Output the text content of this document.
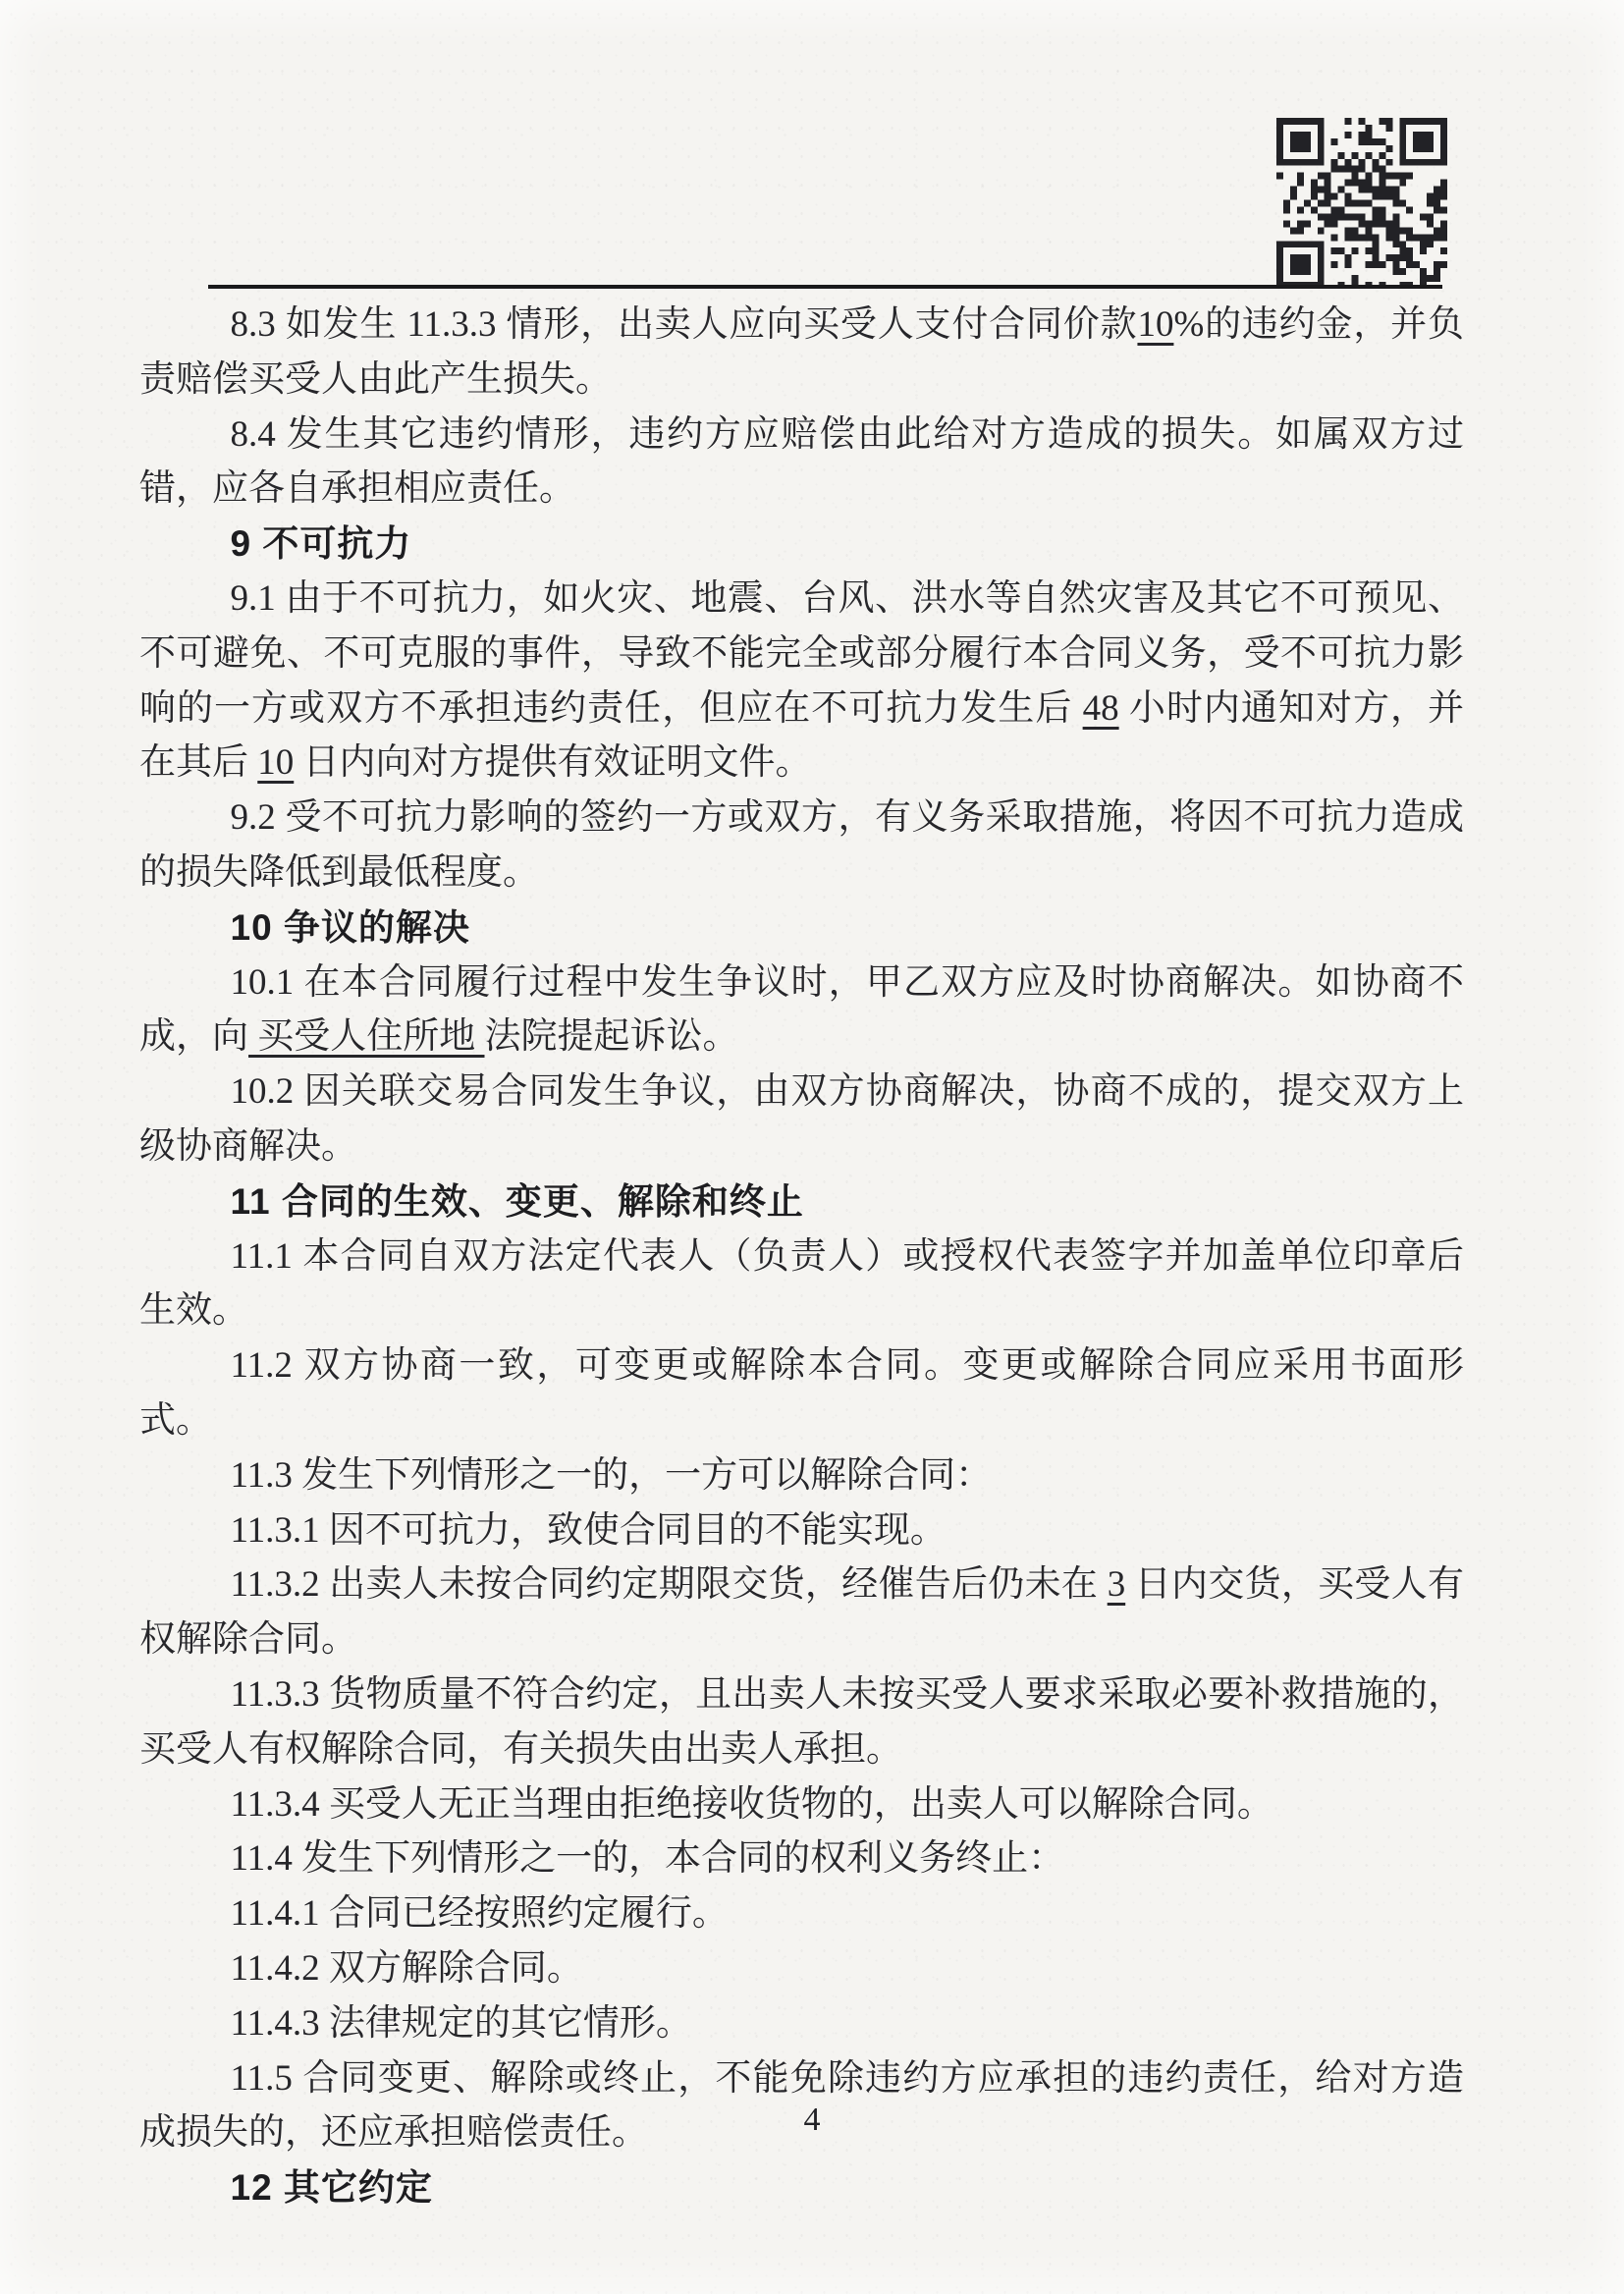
8.3 如发生 11.3.3 情形，出卖人应向买受人支付合同价款10%的违约金，并负责赔偿买受人由此产生损失。

8.4 发生其它违约情形，违约方应赔偿由此给对方造成的损失。如属双方过错，应各自承担相应责任。

9 不可抗力

9.1 由于不可抗力，如火灾、地震、台风、洪水等自然灾害及其它不可预见、不可避免、不可克服的事件，导致不能完全或部分履行本合同义务，受不可抗力影响的一方或双方不承担违约责任，但应在不可抗力发生后 48 小时内通知对方，并在其后 10 日内向对方提供有效证明文件。

9.2 受不可抗力影响的签约一方或双方，有义务采取措施，将因不可抗力造成的损失降低到最低程度。

10 争议的解决

10.1 在本合同履行过程中发生争议时，甲乙双方应及时协商解决。如协商不成，向 买受人住所地 法院提起诉讼。

10.2 因关联交易合同发生争议，由双方协商解决，协商不成的，提交双方上级协商解决。

11 合同的生效、变更、解除和终止

11.1 本合同自双方法定代表人（负责人）或授权代表签字并加盖单位印章后生效。

11.2 双方协商一致，可变更或解除本合同。变更或解除合同应采用书面形式。

11.3 发生下列情形之一的，一方可以解除合同：

11.3.1 因不可抗力，致使合同目的不能实现。

11.3.2 出卖人未按合同约定期限交货，经催告后仍未在 3 日内交货，买受人有权解除合同。

11.3.3 货物质量不符合约定，且出卖人未按买受人要求采取必要补救措施的，买受人有权解除合同，有关损失由出卖人承担。

11.3.4 买受人无正当理由拒绝接收货物的，出卖人可以解除合同。

11.4 发生下列情形之一的，本合同的权利义务终止：

11.4.1 合同已经按照约定履行。

11.4.2 双方解除合同。

11.4.3 法律规定的其它情形。

11.5 合同变更、解除或终止，不能免除违约方应承担的违约责任，给对方造成损失的，还应承担赔偿责任。

12 其它约定

4
